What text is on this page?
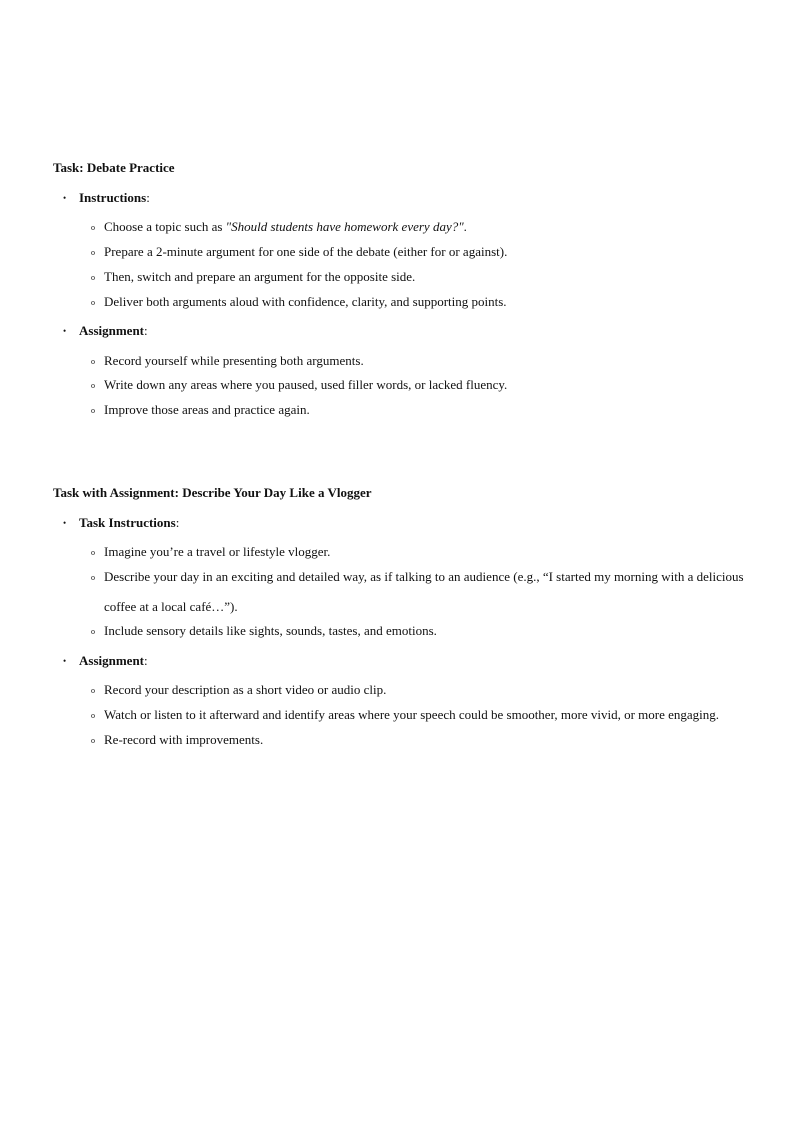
Task: Debate Practice
• Instructions:
o Choose a topic such as "Should students have homework every day?".
o Prepare a 2-minute argument for one side of the debate (either for or against).
o Then, switch and prepare an argument for the opposite side.
o Deliver both arguments aloud with confidence, clarity, and supporting points.
• Assignment:
o Record yourself while presenting both arguments.
o Write down any areas where you paused, used filler words, or lacked fluency.
o Improve those areas and practice again.
Task with Assignment: Describe Your Day Like a Vlogger
• Task Instructions:
o Imagine you’re a travel or lifestyle vlogger.
o Describe your day in an exciting and detailed way, as if talking to an audience (e.g., “I started my morning with a delicious coffee at a local café…”).
o Include sensory details like sights, sounds, tastes, and emotions.
• Assignment:
o Record your description as a short video or audio clip.
o Watch or listen to it afterward and identify areas where your speech could be smoother, more vivid, or more engaging.
o Re-record with improvements.
